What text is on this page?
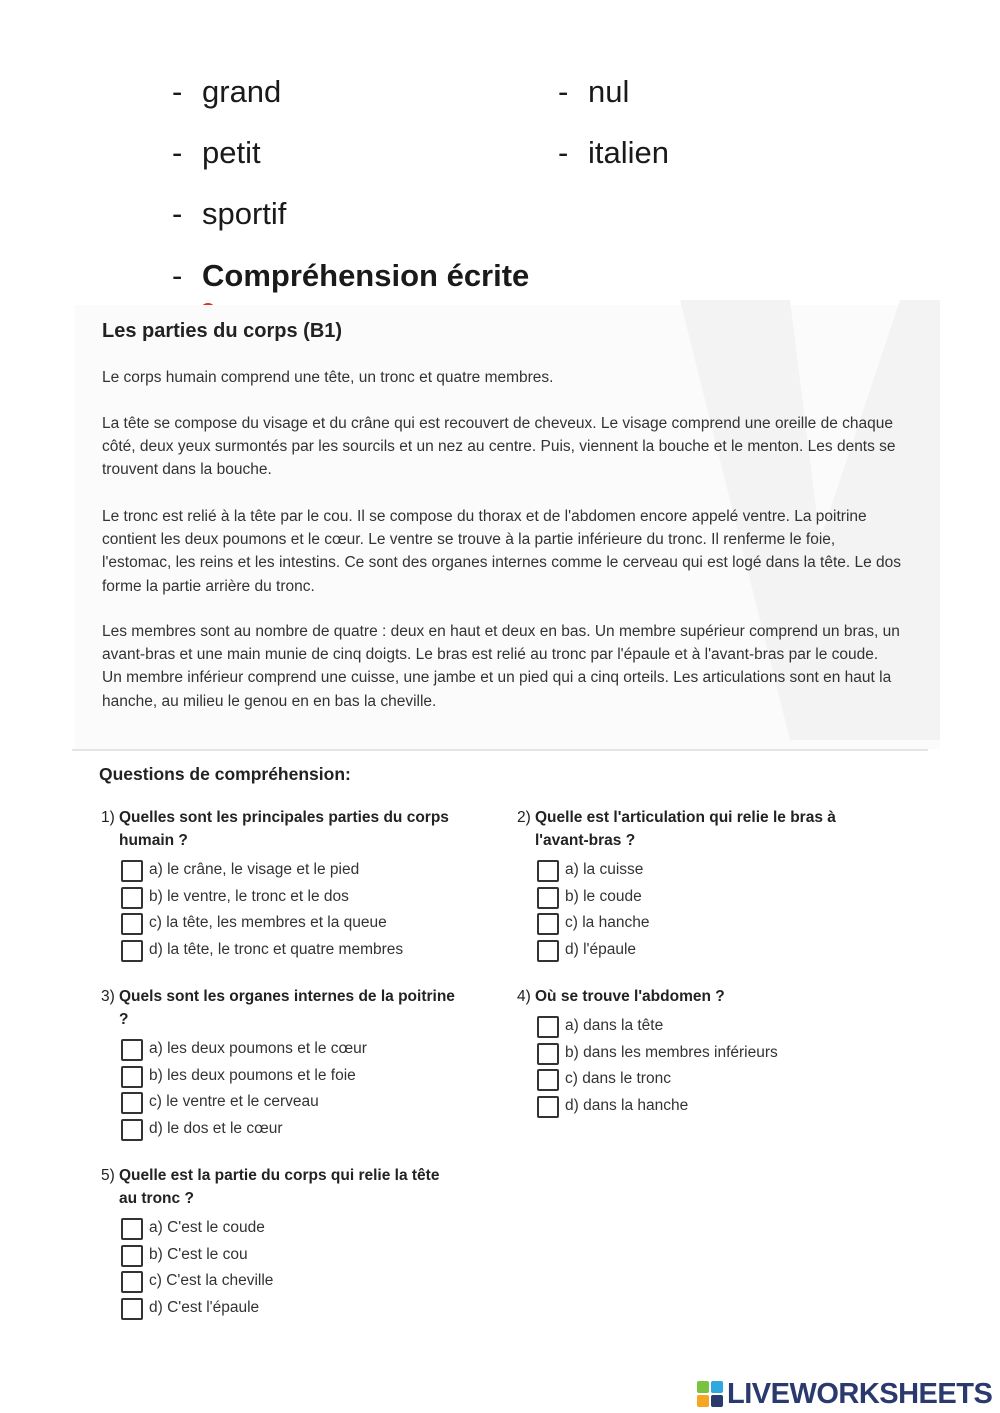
- grand
- petit
- sportif
- nul
- italien
- Compréhension écrite
Les parties du corps (B1)
Le corps humain comprend une tête, un tronc et quatre membres.
La tête se compose du visage et du crâne qui est recouvert de cheveux. Le visage comprend une oreille de chaque côté, deux yeux surmontés par les sourcils et un nez au centre. Puis, viennent la bouche et le menton. Les dents se trouvent dans la bouche.
Le tronc est relié à la tête par le cou. Il se compose du thorax et de l'abdomen encore appelé ventre. La poitrine contient les deux poumons et le cœur. Le ventre se trouve à la partie inférieure du tronc. Il renferme le foie, l'estomac, les reins et les intestins. Ce sont des organes internes comme le cerveau qui est logé dans la tête. Le dos forme la partie arrière du tronc.
Les membres sont au nombre de quatre : deux en haut et deux en bas. Un membre supérieur comprend un bras, un avant-bras et une main munie de cinq doigts. Le bras est relié au tronc par l'épaule et à l'avant-bras par le coude. Un membre inférieur comprend une cuisse, une jambe et un pied qui a cinq orteils. Les articulations sont en haut la hanche, au milieu le genou en en bas la cheville.
Questions de compréhension:
1) Quelles sont les principales parties du corps humain ?
a) le crâne, le visage et le pied
b) le ventre, le tronc et le dos
c) la tête, les membres et la queue
d) la tête, le tronc et quatre membres
2) Quelle est l'articulation qui relie le bras à l'avant-bras ?
a) la cuisse
b) le coude
c) la hanche
d) l'épaule
3) Quels sont les organes internes de la poitrine ?
a) les deux poumons et le cœur
b) les deux poumons et le foie
c) le ventre et le cerveau
d) le dos et le cœur
4) Où se trouve l'abdomen ?
a) dans la tête
b) dans les membres inférieurs
c) dans le tronc
d) dans la hanche
5) Quelle est la partie du corps qui relie la tête au tronc ?
a) C'est le coude
b) C'est le cou
c) C'est la cheville
d) C'est l'épaule
LIVEWORKSHEETS
